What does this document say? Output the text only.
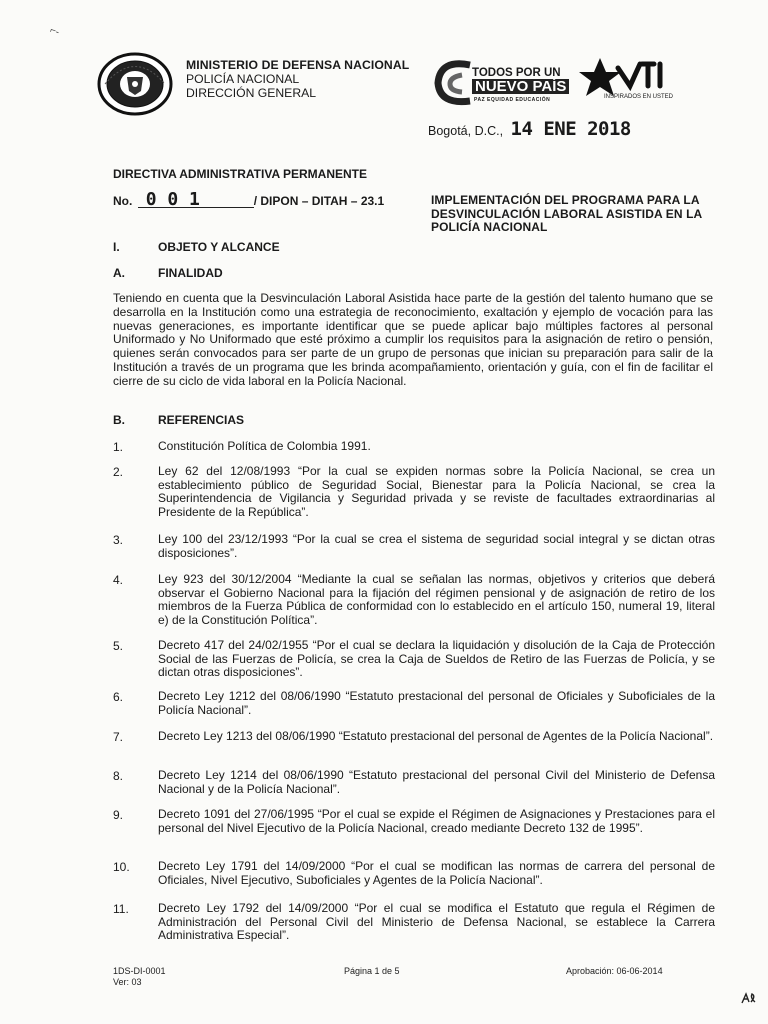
⌐‑
MINISTERIO DE DEFENSA NACIONAL
POLICÍA NACIONAL
DIRECCIÓN GENERAL
TODOS POR UN
NUEVO PAÍS
PAZ EQUIDAD EDUCACIÓN	INSPIRADOS EN USTED
Bogotá, D.C., 14 ENE 2018
DIRECTIVA ADMINISTRATIVA PERMANENTE
No. 0 0 1	/ DIPON – DITAH – 23.1	IMPLEMENTACIÓN DEL PROGRAMA PARA LA DESVINCULACIÓN LABORAL ASISTIDA EN LA POLICÍA NACIONAL
I.	OBJETO Y ALCANCE
A.	FINALIDAD
Teniendo en cuenta que la Desvinculación Laboral Asistida hace parte de la gestión del talento humano que se desarrolla en la Institución como una estrategia de reconocimiento, exaltación y ejemplo de vocación para las nuevas generaciones, es importante identificar que se puede aplicar bajo múltiples factores al personal Uniformado y No Uniformado que esté próximo a cumplir los requisitos para la asignación de retiro o pensión, quienes serán convocados para ser parte de un grupo de personas que inician su preparación para salir de la Institución a través de un programa que les brinda acompañamiento, orientación y guía, con el fin de facilitar el cierre de su ciclo de vida laboral en la Policía Nacional.
B.	REFERENCIAS
1.	Constitución Política de Colombia 1991.
2.	Ley 62 del 12/08/1993 “Por la cual se expiden normas sobre la Policía Nacional, se crea un establecimiento público de Seguridad Social, Bienestar para la Policía Nacional, se crea la Superintendencia de Vigilancia y Seguridad privada y se reviste de facultades extraordinarias al Presidente de la República”.
3.	Ley 100 del 23/12/1993 “Por la cual se crea el sistema de seguridad social integral y se dictan otras disposiciones”.
4.	Ley 923 del 30/12/2004 “Mediante la cual se señalan las normas, objetivos y criterios que deberá observar el Gobierno Nacional para la fijación del régimen pensional y de asignación de retiro de los miembros de la Fuerza Pública de conformidad con lo establecido en el artículo 150, numeral 19, literal e) de la Constitución Política”.
5.	Decreto 417 del 24/02/1955 “Por el cual se declara la liquidación y disolución de la Caja de Protección Social de las Fuerzas de Policía, se crea la Caja de Sueldos de Retiro de las Fuerzas de Policía, y se dictan otras disposiciones”.
6.	Decreto Ley 1212 del 08/06/1990 “Estatuto prestacional del personal de Oficiales y Suboficiales de la Policía Nacional”.
7.	Decreto Ley 1213 del 08/06/1990 “Estatuto prestacional del personal de Agentes de la Policía Nacional”.
8.	Decreto Ley 1214 del 08/06/1990 “Estatuto prestacional del personal Civil del Ministerio de Defensa Nacional y de la Policía Nacional”.
9.	Decreto 1091 del 27/06/1995 “Por el cual se expide el Régimen de Asignaciones y Prestaciones para el personal del Nivel Ejecutivo de la Policía Nacional, creado mediante Decreto 132 de 1995”.
10. Decreto Ley 1791 del 14/09/2000 “Por el cual se modifican las normas de carrera del personal de Oficiales, Nivel Ejecutivo, Suboficiales y Agentes de la Policía Nacional”.
11. Decreto Ley 1792 del 14/09/2000 “Por el cual se modifica el Estatuto que regula el Régimen de Administración del Personal Civil del Ministerio de Defensa Nacional, se establece la Carrera Administrativa Especial”.
1DS-DI-0001
Ver: 03
Página 1 de 5	Aprobación: 06-06-2014
